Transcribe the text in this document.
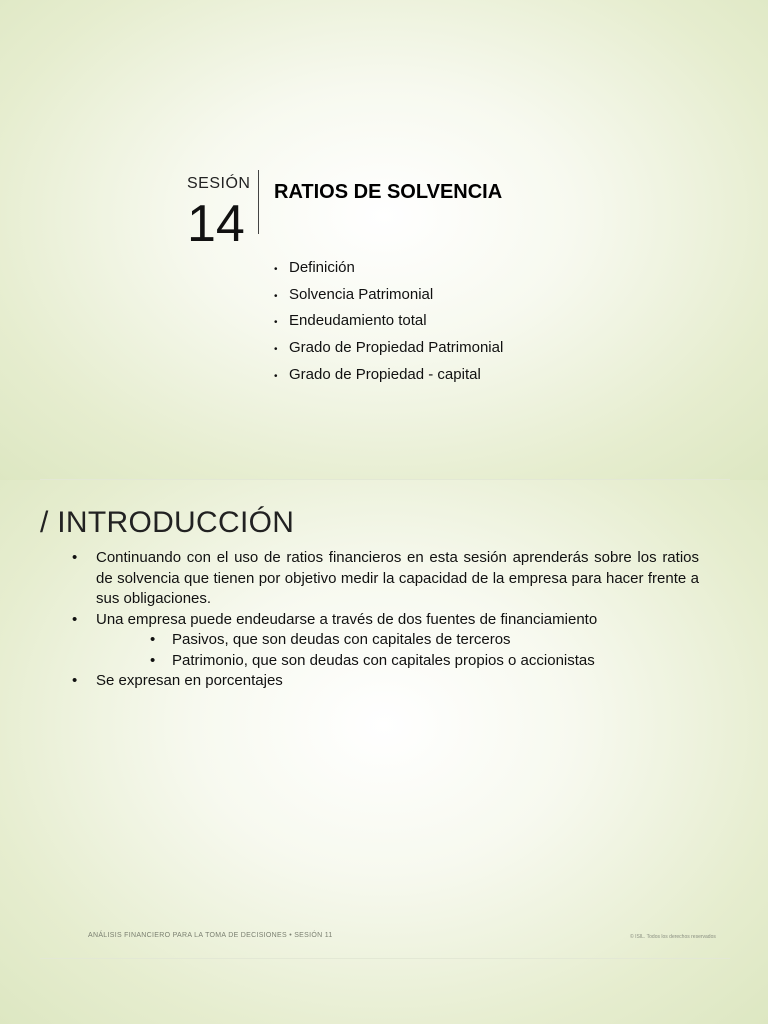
SESIÓN
14
RATIOS DE SOLVENCIA
• Definición
• Solvencia Patrimonial
• Endeudamiento total
• Grado de Propiedad Patrimonial
• Grado de Propiedad - capital
/ INTRODUCCIÓN
•	Continuando con el uso de ratios financieros en esta sesión aprenderás sobre los ratios de solvencia que tienen por objetivo medir la capacidad de la empresa para hacer frente a sus obligaciones.
•	Una empresa puede endeudarse a través de dos fuentes de financiamiento
•	Pasivos, que son deudas con capitales de terceros
•	Patrimonio, que son deudas con capitales propios o accionistas
•	Se expresan en porcentajes
ANÁLISIS FINANCIERO PARA LA TOMA DE DECISIONES • SESIÓN 11	© ISIL. Todos los derechos reservados
